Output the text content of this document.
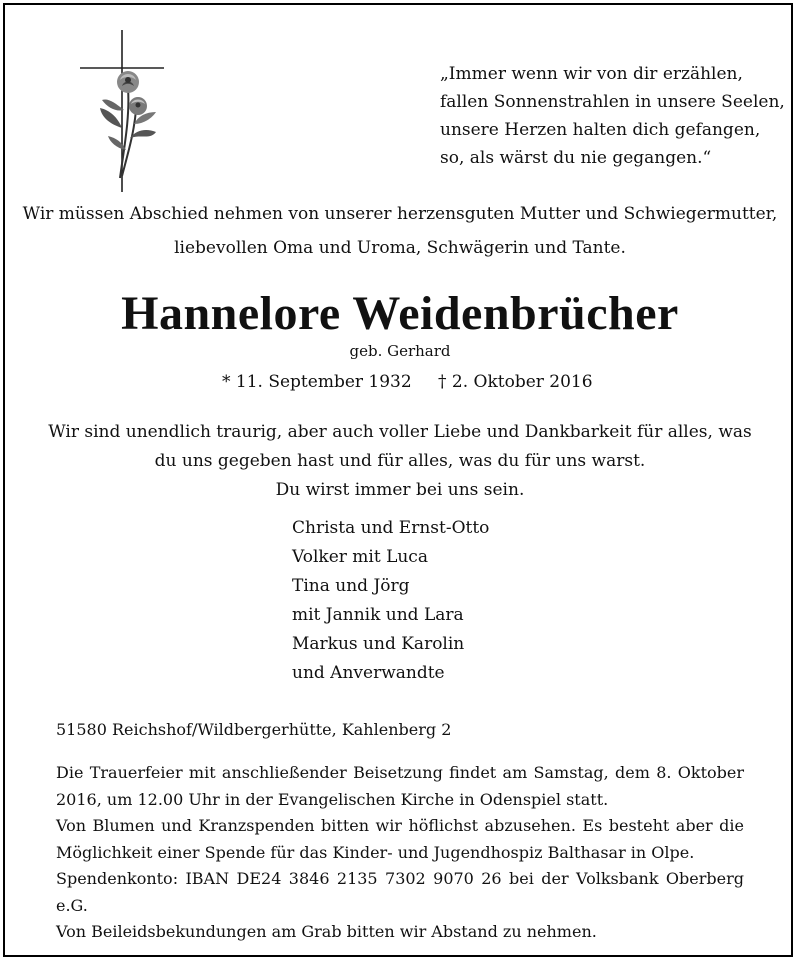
„Immer wenn wir von dir erzählen,
fallen Sonnenstrahlen in unsere Seelen,
unsere Herzen halten dich gefangen,
so, als wärst du nie gegangen.“
Wir müssen Abschied nehmen von unserer herzensguten Mutter und Schwiegermutter,
liebevollen Oma und Uroma, Schwägerin und Tante.
Hannelore Weidenbrücher
geb. Gerhard
* 11. September 1932 † 2. Oktober 2016
Wir sind unendlich traurig, aber auch voller Liebe und Dankbarkeit für alles, was
du uns gegeben hast und für alles, was du für uns warst.
Du wirst immer bei uns sein.
Christa und Ernst-Otto
Volker mit Luca
Tina und Jörg
mit Jannik und Lara
Markus und Karolin
und Anverwandte
51580 Reichshof/Wildbergerhütte, Kahlenberg 2

Die Trauerfeier mit anschließender Beisetzung findet am Samstag, dem 8. Oktober 2016, um 12.00 Uhr in der Evangelischen Kirche in Odenspiel statt.

Von Blumen und Kranzspenden bitten wir höflichst abzusehen. Es besteht aber die Möglichkeit einer Spende für das Kinder- und Jugendhospiz Balthasar in Olpe.

Spendenkonto: IBAN DE24 3846 2135 7302 9070 26 bei der Volksbank Oberberg e.G.

Von Beileidsbekundungen am Grab bitten wir Abstand zu nehmen.
